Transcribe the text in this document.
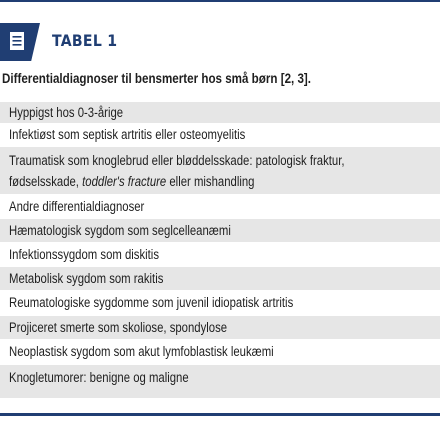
TABEL 1
Differentialdiagnoser til bensmerter hos små børn [2, 3].
Hyppigst hos 0-3-årige
Infektiøst som septisk artritis eller osteomyelitis
Traumatisk som knoglebrud eller bløddelsskade: patologisk fraktur,
fødselsskade, toddler's fracture eller mishandling
Andre differentialdiagnoser
Hæmatologisk sygdom som seglcelleanæmi
Infektionssygdom som diskitis
Metabolisk sygdom som rakitis
Reumatologiske sygdomme som juvenil idiopatisk artritis
Projiceret smerte som skoliose, spondylose
Neoplastisk sygdom som akut lymfoblastisk leukæmi
Knogletumorer: benigne og maligne
